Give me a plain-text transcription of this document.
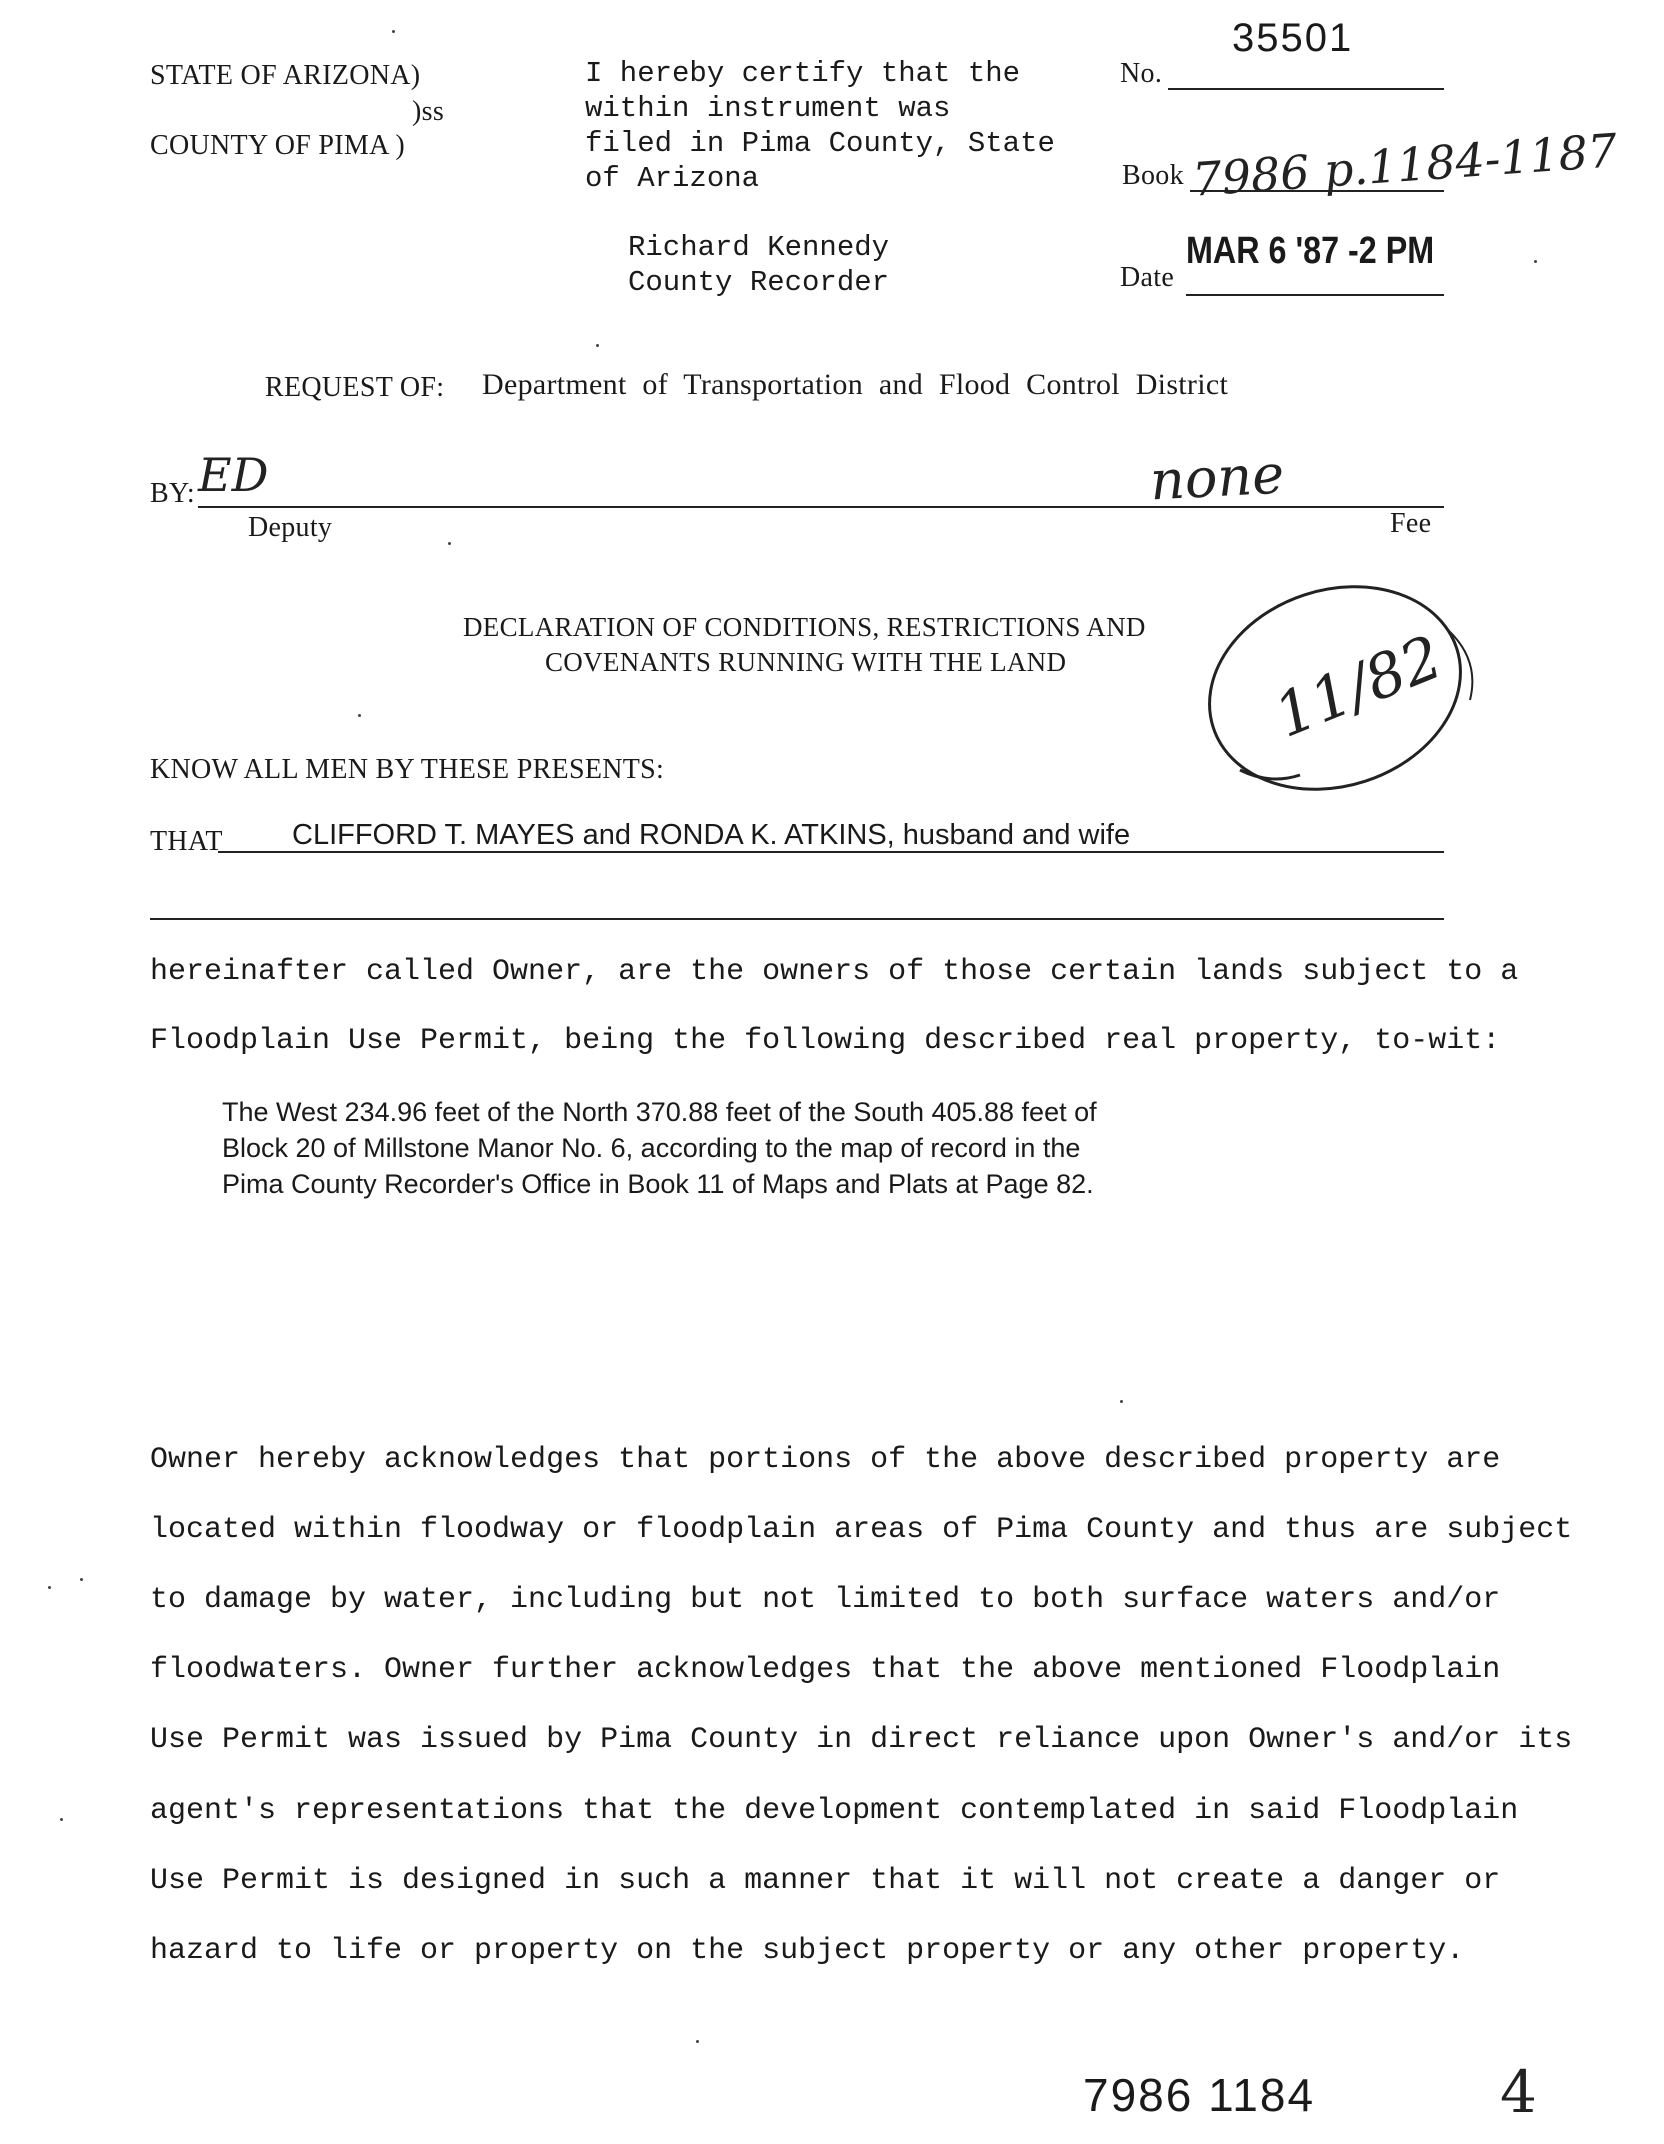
STATE OF ARIZONA)
)ss
COUNTY OF PIMA )
I hereby certify that the
within instrument was
filed in Pima County, State
of Arizona
Richard Kennedy
County Recorder
35501
No.
Book 7986 p.1184-1187
Date
MAR 6 '87 -2 PM
REQUEST OF: Department of Transportation and Flood Control District
BY: ED	none
Deputy	Fee
DECLARATION OF CONDITIONS, RESTRICTIONS AND
COVENANTS RUNNING WITH THE LAND	11/82
KNOW ALL MEN BY THESE PRESENTS:
THAT CLIFFORD T. MAYES and RONDA K. ATKINS, husband and wife
hereinafter called Owner, are the owners of those certain lands subject to a
Floodplain Use Permit, being the following described real property, to-wit:
The West 234.96 feet of the North 370.88 feet of the South 405.88 feet of
Block 20 of Millstone Manor No. 6, according to the map of record in the
Pima County Recorder's Office in Book 11 of Maps and Plats at Page 82.
Owner hereby acknowledges that portions of the above described property are
located within floodway or floodplain areas of Pima County and thus are subject
to damage by water, including but not limited to both surface waters and/or
floodwaters. Owner further acknowledges that the above mentioned Floodplain
Use Permit was issued by Pima County in direct reliance upon Owner's and/or its
agent's representations that the development contemplated in said Floodplain
Use Permit is designed in such a manner that it will not create a danger or
hazard to life or property on the subject property or any other property.
7986 1184	4
